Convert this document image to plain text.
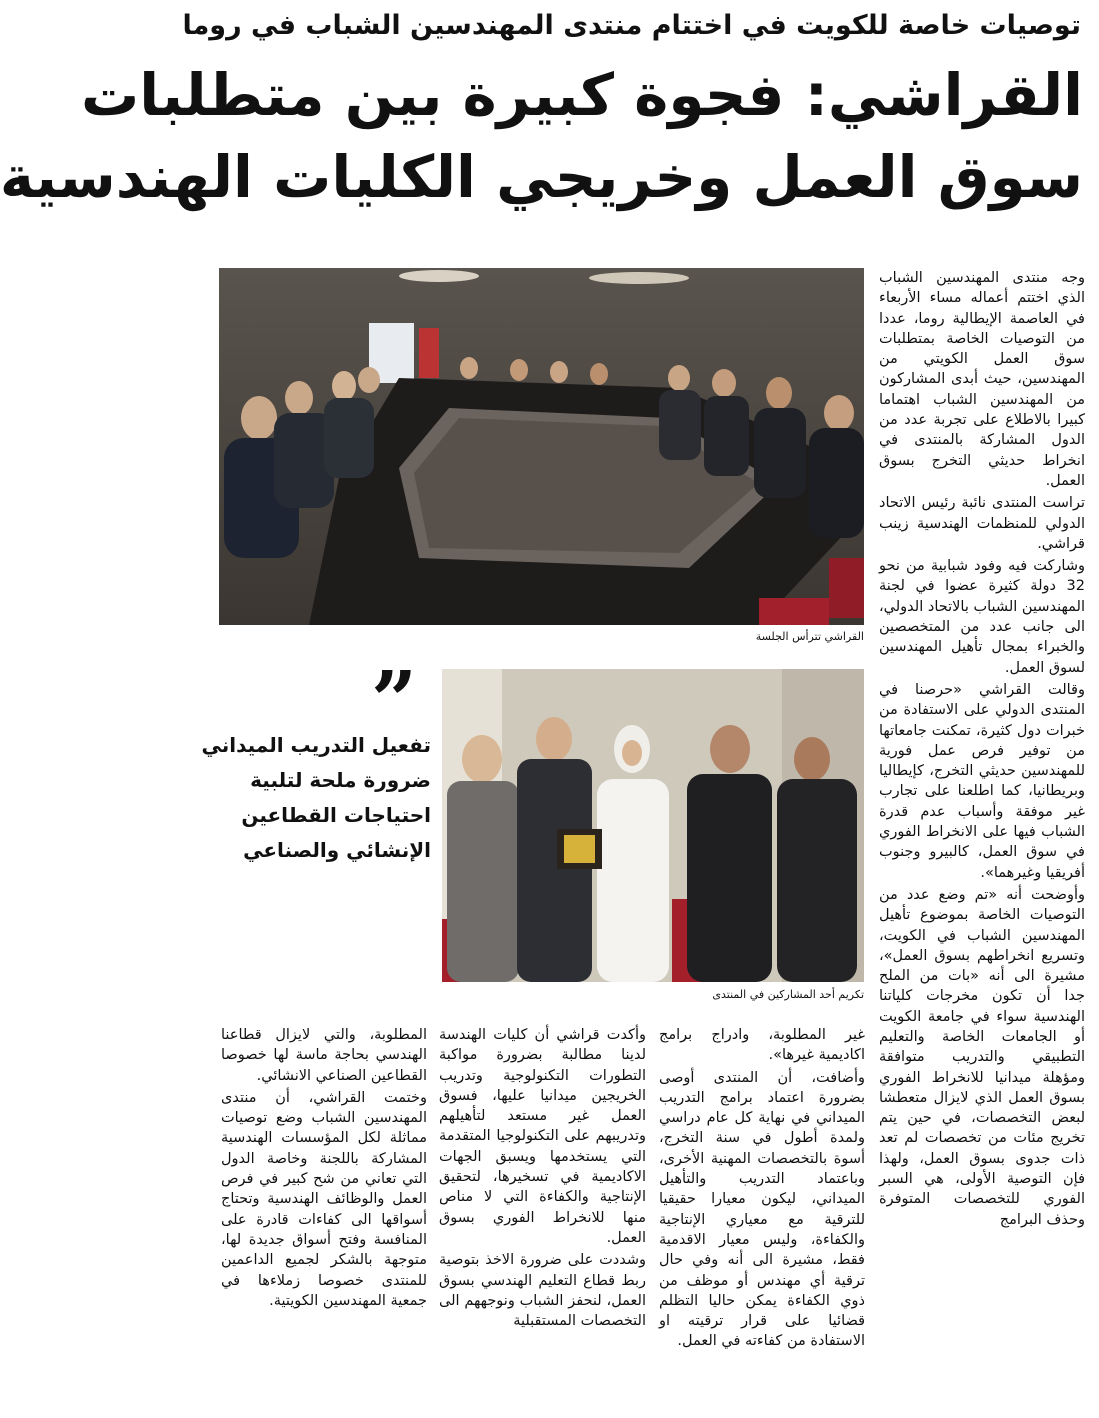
توصيات خاصة للكويت في اختتام منتدى المهندسين الشباب في روما
القراشي: فجوة كبيرة بين متطلبات
سوق العمل وخريجي الكليات الهندسية
القراشي تترأس الجلسة

وجه منتدى المهندسين الشباب الذي اختتم أعماله مساء الأربعاء في العاصمة الإيطالية روما، عددا من التوصيات الخاصة بمتطلبات سوق العمل الكويتي من المهندسين، حيث أبدى المشاركون من المهندسين الشباب اهتماما كبيرا بالاطلاع على تجربة عدد من الدول المشاركة بالمنتدى في انخراط حديثي التخرج بسوق العمل.

تراست المنتدى نائبة رئيس الاتحاد الدولي للمنظمات الهندسية زينب قراشي.

وشاركت فيه وفود شبابية من نحو 32 دولة كثيرة عضوا في لجنة المهندسين الشباب بالاتحاد الدولي، الى جانب عدد من المتخصصين والخبراء بمجال تأهيل المهندسين لسوق العمل.

وقالت القراشي «حرصنا في المنتدى الدولي على الاستفادة من خبرات دول كثيرة، تمكنت جامعاتها من توفير فرص عمل فورية للمهندسين حديثي التخرج، كإيطاليا وبريطانيا، كما اطلعنا على تجارب غير موفقة وأسباب عدم قدرة الشباب فيها على الانخراط الفوري في سوق العمل، كالبيرو وجنوب أفريقيا وغيرهما».

وأوضحت أنه «تم وضع عدد من التوصيات الخاصة بموضوع تأهيل المهندسين الشباب في الكويت، وتسريع انخراطهم بسوق العمل»، مشيرة الى أنه «بات من الملح جدا أن تكون مخرجات كلياتنا الهندسية سواء في جامعة الكويت أو الجامعات الخاصة والتعليم التطبيقي والتدريب متوافقة ومؤهلة ميدانيا للانخراط الفوري بسوق العمل الذي لايزال متعطشا لبعض التخصصات، في حين يتم تخريج مئات من تخصصات لم تعد ذات جدوى بسوق العمل، ولهذا فإن التوصية الأولى، هي السبر الفوري للتخصصات المتوفرة وحذف البرامج

”
تفعيل التدريب الميداني
ضرورة ملحة لتلبية
احتياجات القطاعين
الإنشائي والصناعي
تكريم أحد المشاركين في المنتدى

غير المطلوبة، وادراج برامج اكاديمية غيرها».

وأضافت، أن المنتدى أوصى بضرورة اعتماد برامج التدريب الميداني في نهاية كل عام دراسي ولمدة أطول في سنة التخرج، أسوة بالتخصصات المهنية الأخرى، وباعتماد التدريب والتأهيل الميداني، ليكون معيارا حقيقيا للترقية مع معياري الإنتاجية والكفاءة، وليس معيار الاقدمية فقط، مشيرة الى أنه وفي حال ترقية أي مهندس أو موظف من ذوي الكفاءة يمكن حاليا التظلم قضائيا على قرار ترقيته او الاستفادة من كفاءته في العمل.

وأكدت قراشي أن كليات الهندسة لدينا مطالبة بضرورة مواكبة التطورات التكنولوجية وتدريب الخريجين ميدانيا عليها، فسوق العمل غير مستعد لتأهيلهم وتدريبهم على التكنولوجيا المتقدمة التي يستخدمها ويسبق الجهات الاكاديمية في تسخيرها، لتحقيق الإنتاجية والكفاءة التي لا مناص منها للانخراط الفوري بسوق العمل.

وشددت على ضرورة الاخذ بتوصية ربط قطاع التعليم الهندسي بسوق العمل، لنحفز الشباب ونوجههم الى التخصصات المستقبلية

المطلوبة، والتي لايزال قطاعنا الهندسي بحاجة ماسة لها خصوصا القطاعين الصناعي الانشائي.

وختمت القراشي، أن منتدى المهندسين الشباب وضع توصيات مماثلة لكل المؤسسات الهندسية المشاركة باللجنة وخاصة الدول التي تعاني من شح كبير في فرص العمل والوظائف الهندسية وتحتاج أسواقها الى كفاءات قادرة على المنافسة وفتح أسواق جديدة لها، متوجهة بالشكر لجميع الداعمين للمنتدى خصوصا زملاءها في جمعية المهندسين الكويتية.
